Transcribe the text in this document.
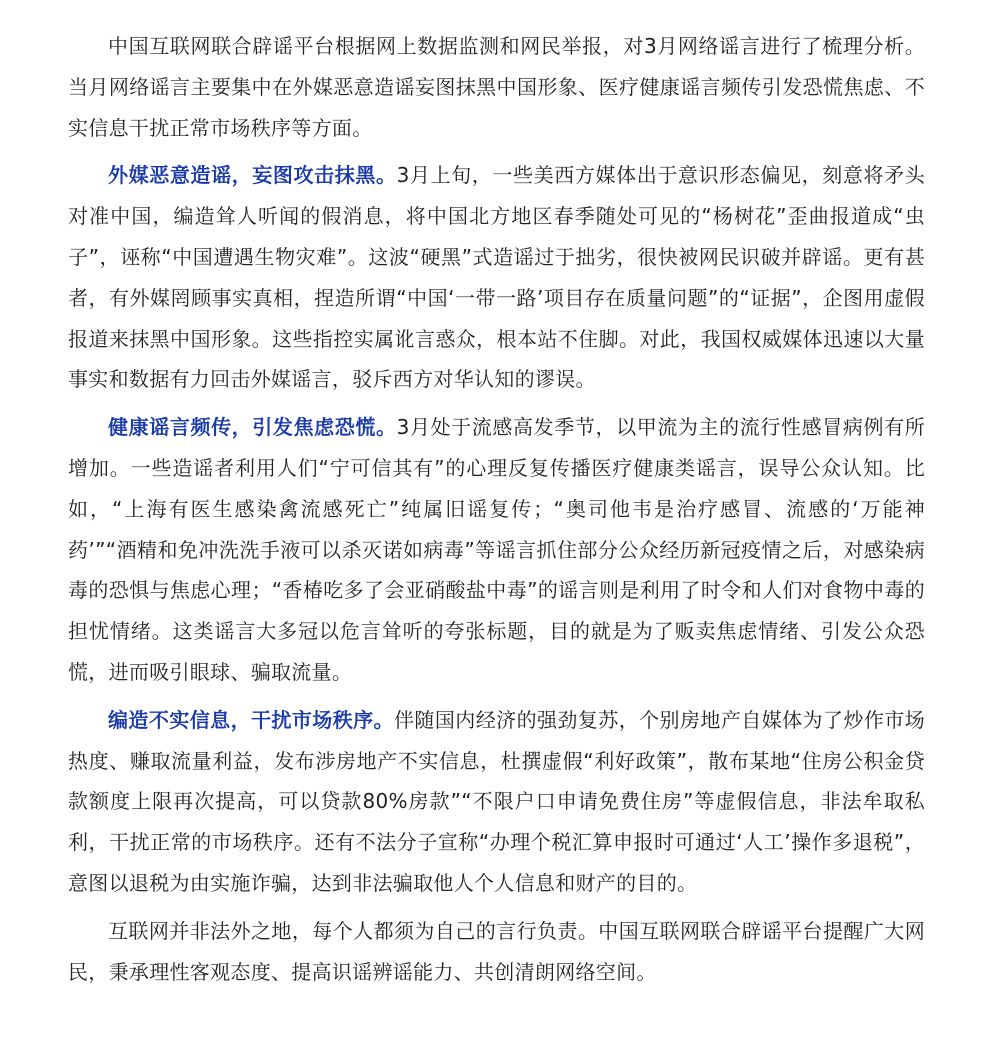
中国互联网联合辟谣平台根据网上数据监测和网民举报，对3月网络谣言进行了梳理分析。当月网络谣言主要集中在外媒恶意造谣妄图抹黑中国形象、医疗健康谣言频传引发恐慌焦虑、不实信息干扰正常市场秩序等方面。

外媒恶意造谣，妄图攻击抹黑。3月上旬，一些美西方媒体出于意识形态偏见，刻意将矛头对准中国，编造耸人听闻的假消息，将中国北方地区春季随处可见的“杨树花”歪曲报道成“虫子”，诬称“中国遭遇生物灾难”。这波“硬黑”式造谣过于拙劣，很快被网民识破并辟谣。更有甚者，有外媒罔顾事实真相，捏造所谓“中国‘一带一路’项目存在质量问题”的“证据”，企图用虚假报道来抹黑中国形象。这些指控实属讹言惑众，根本站不住脚。对此，我国权威媒体迅速以大量事实和数据有力回击外媒谣言，驳斥西方对华认知的谬误。

健康谣言频传，引发焦虑恐慌。3月处于流感高发季节，以甲流为主的流行性感冒病例有所增加。一些造谣者利用人们“宁可信其有”的心理反复传播医疗健康类谣言，误导公众认知。比如，“上海有医生感染禽流感死亡”纯属旧谣复传；“奥司他韦是治疗感冒、流感的‘万能神药’”“酒精和免冲洗洗手液可以杀灭诺如病毒”等谣言抓住部分公众经历新冠疫情之后，对感染病毒的恐惧与焦虑心理；“香椿吃多了会亚硝酸盐中毒”的谣言则是利用了时令和人们对食物中毒的担忧情绪。这类谣言大多冠以危言耸听的夸张标题，目的就是为了贩卖焦虑情绪、引发公众恐慌，进而吸引眼球、骗取流量。

编造不实信息，干扰市场秩序。伴随国内经济的强劲复苏，个别房地产自媒体为了炒作市场热度、赚取流量利益，发布涉房地产不实信息，杜撰虚假“利好政策”，散布某地“住房公积金贷款额度上限再次提高，可以贷款80%房款”“不限户口申请免费住房”等虚假信息，非法牟取私利，干扰正常的市场秩序。还有不法分子宣称“办理个税汇算申报时可通过‘人工’操作多退税”，意图以退税为由实施诈骗，达到非法骗取他人个人信息和财产的目的。

互联网并非法外之地，每个人都须为自己的言行负责。中国互联网联合辟谣平台提醒广大网民，秉承理性客观态度、提高识谣辨谣能力、共创清朗网络空间。
